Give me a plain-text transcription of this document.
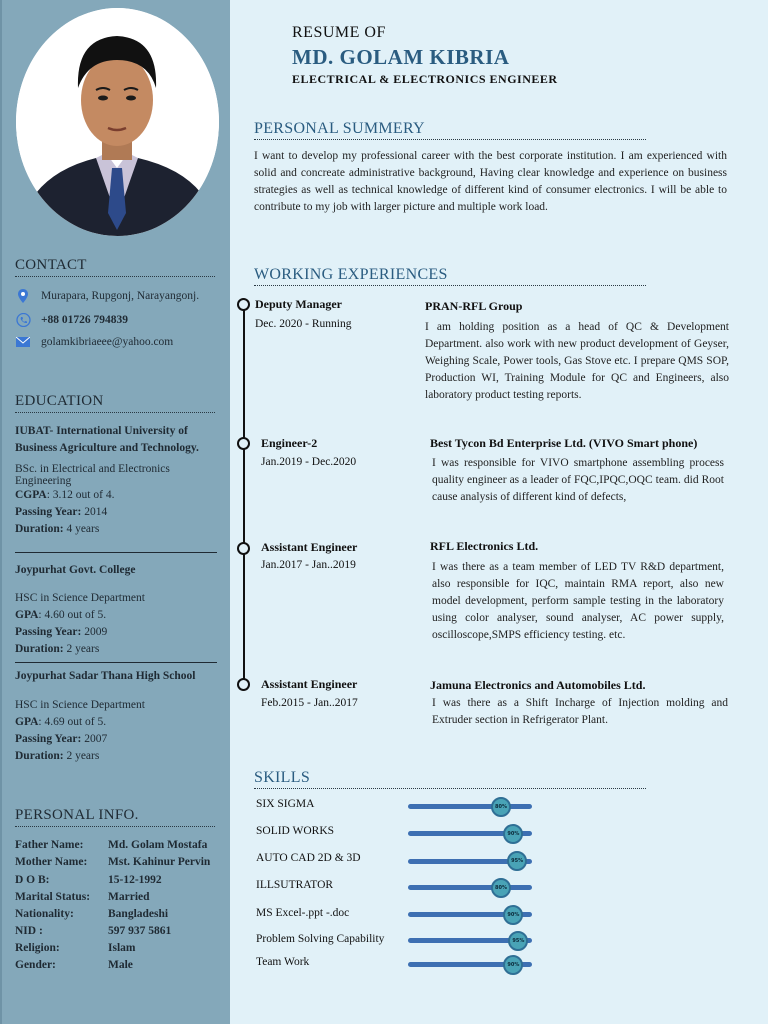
CONTACT
Murapara, Rupgonj, Narayangonj.
+88 01726 794839
golamkibriaeee@yahoo.com
EDUCATION
IUBAT- International University of
Business Agriculture and Technology.
BSc. in Electrical and Electronics
Engineering
CGPA: 3.12 out of 4.
Passing Year: 2014
Duration: 4 years
Joypurhat Govt. College
HSC in Science Department
GPA: 4.60 out of 5.
Passing Year: 2009
Duration: 2 years
Joypurhat Sadar Thana High School
HSC in Science Department
GPA: 4.69 out of 5.
Passing Year: 2007
Duration: 2 years
PERSONAL INFO.
Father Name:	Md. Golam Mostafa
Mother Name:	Mst. Kahinur Pervin
D O B:	15-12-1992
Marital Status:	Married
Nationality:	Bangladeshi
NID :	597 937 5861
Religion:	Islam
Gender:	Male
RESUME OF
MD. GOLAM KIBRIA
ELECTRICAL & ELECTRONICS ENGINEER
PERSONAL SUMMERY
I want to develop my professional career with the best corporate institution. I am experienced with solid and concreate administrative background, Having clear knowledge and experience on business strategies as well as technical knowledge of different kind of consumer electronics. I will be able to contribute to my job with larger picture and multiple work load.
WORKING EXPERIENCES
Deputy Manager
Dec. 2020 - Running
PRAN-RFL Group
I am holding position as a head of QC & Development Department. also work with new product development of Geyser, Weighing Scale, Power tools, Gas Stove etc. I prepare QMS SOP, Production WI, Training Module for QC and Engineers, also laboratory product testing reports.
Engineer-2
Jan.2019 - Dec.2020
Best Tycon Bd Enterprise Ltd. (VIVO Smart phone)
I was responsible for VIVO smartphone assembling process quality engineer as a leader of FQC,IPQC,OQC team. did Root cause analysis of different kind of defects,
Assistant Engineer
Jan.2017 - Jan..2019
RFL Electronics Ltd.
I was there as a team member of LED TV R&D department, also responsible for IQC, maintain RMA report, also new model development, perform sample testing in the laboratory using color analyser, sound analyser, AC power supply, oscilloscope,SMPS efficiency testing. etc.
Assistant Engineer
Feb.2015 - Jan..2017
Jamuna Electronics and Automobiles Ltd.
I was there as a Shift Incharge of Injection molding and Extruder section in Refrigerator Plant.
SKILLS
SIX SIGMA	80%
SOLID WORKS	90%
AUTO CAD 2D & 3D	95%
ILLSUTRATOR	80%
MS Excel-.ppt -.doc	90%
Problem Solving Capability	95%
Team Work	90%
